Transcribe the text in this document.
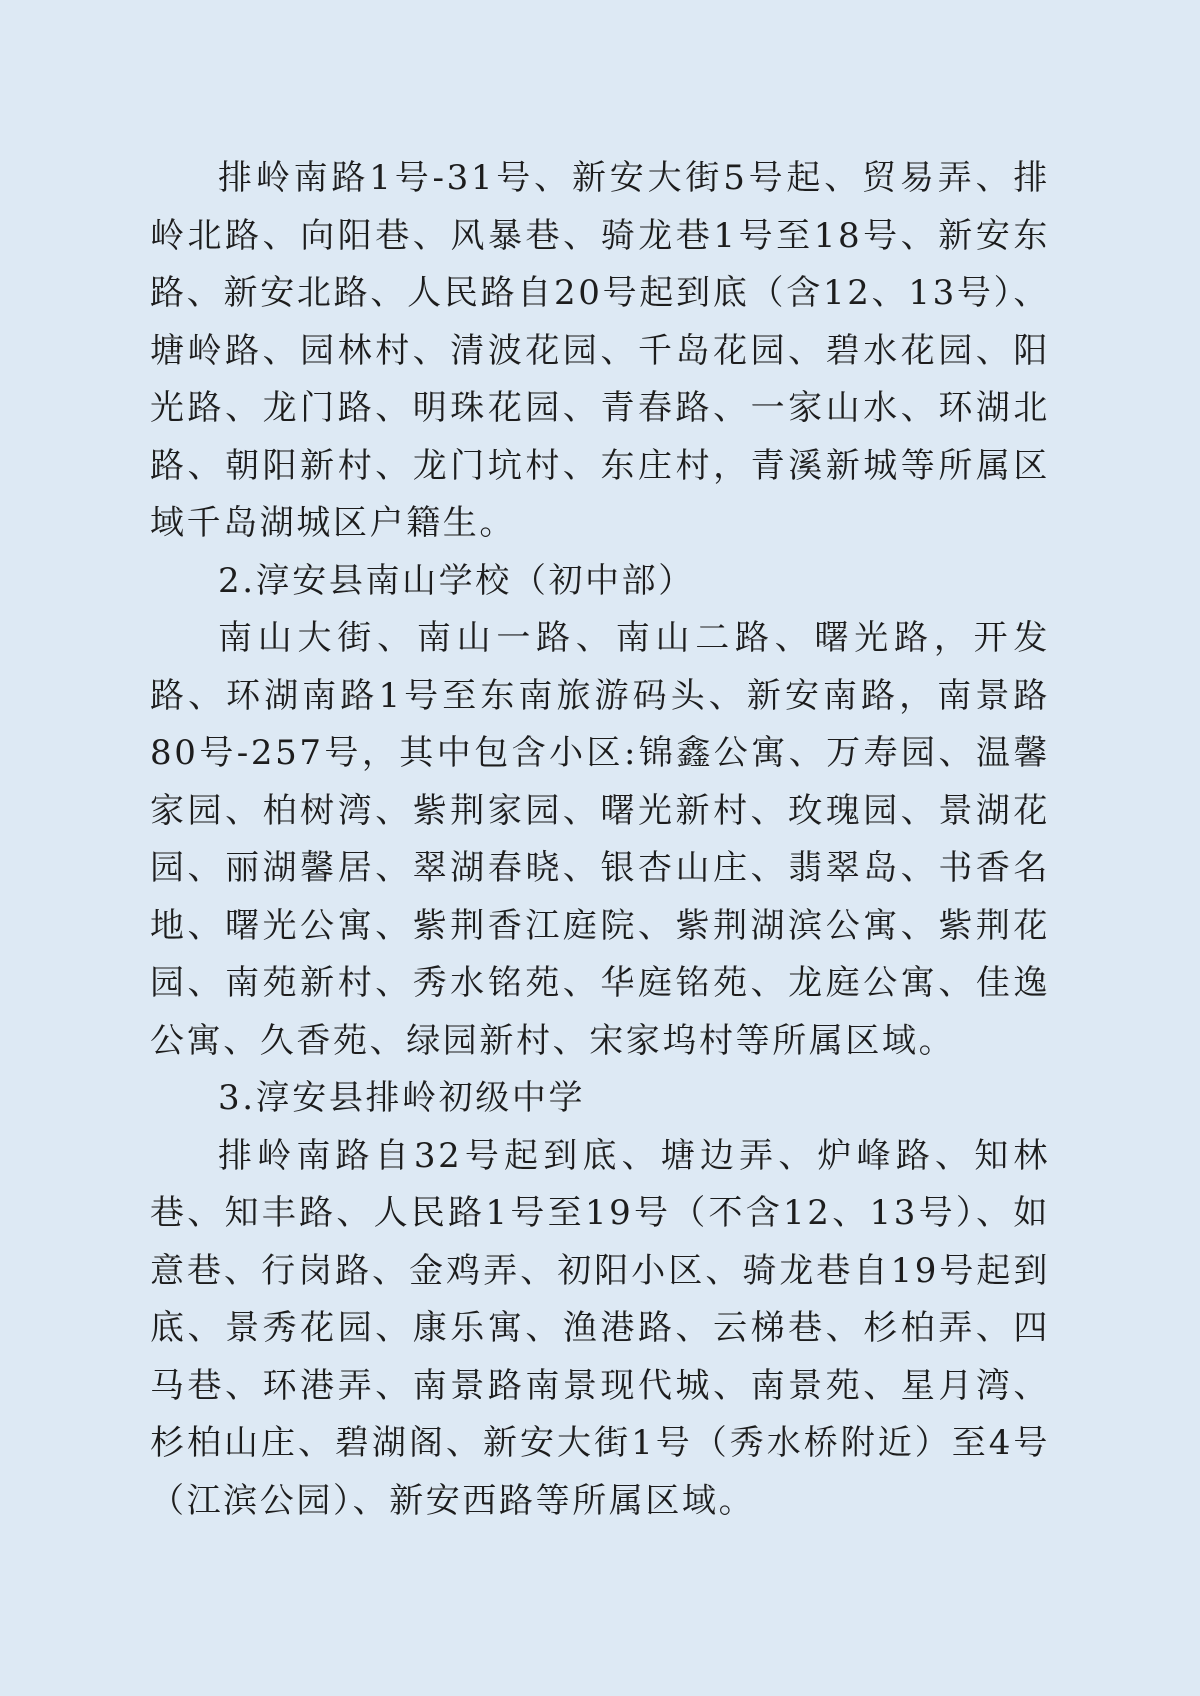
排岭南路1号-31号、新安大街5号起、贸易弄、排岭北路、向阳巷、风暴巷、骑龙巷1号至18号、新安东路、新安北路、人民路自20号起到底（含12、13号）、塘岭路、园林村、清波花园、千岛花园、碧水花园、阳光路、龙门路、明珠花园、青春路、一家山水、环湖北路、朝阳新村、龙门坑村、东庄村，青溪新城等所属区域千岛湖城区户籍生。

2.淳安县南山学校（初中部）

南山大街、南山一路、南山二路、曙光路，开发路、环湖南路1号至东南旅游码头、新安南路，南景路80号-257号，其中包含小区:锦鑫公寓、万寿园、温馨家园、柏树湾、紫荆家园、曙光新村、玫瑰园、景湖花园、丽湖馨居、翠湖春晓、银杏山庄、翡翠岛、书香名地、曙光公寓、紫荆香江庭院、紫荆湖滨公寓、紫荆花园、南苑新村、秀水铭苑、华庭铭苑、龙庭公寓、佳逸公寓、久香苑、绿园新村、宋家坞村等所属区域。

3.淳安县排岭初级中学

排岭南路自32号起到底、塘边弄、炉峰路、知林巷、知丰路、人民路1号至19号（不含12、13号）、如意巷、行岗路、金鸡弄、初阳小区、骑龙巷自19号起到底、景秀花园、康乐寓、渔港路、云梯巷、杉柏弄、四马巷、环港弄、南景路南景现代城、南景苑、星月湾、杉柏山庄、碧湖阁、新安大街1号（秀水桥附近）至4号（江滨公园）、新安西路等所属区域。
